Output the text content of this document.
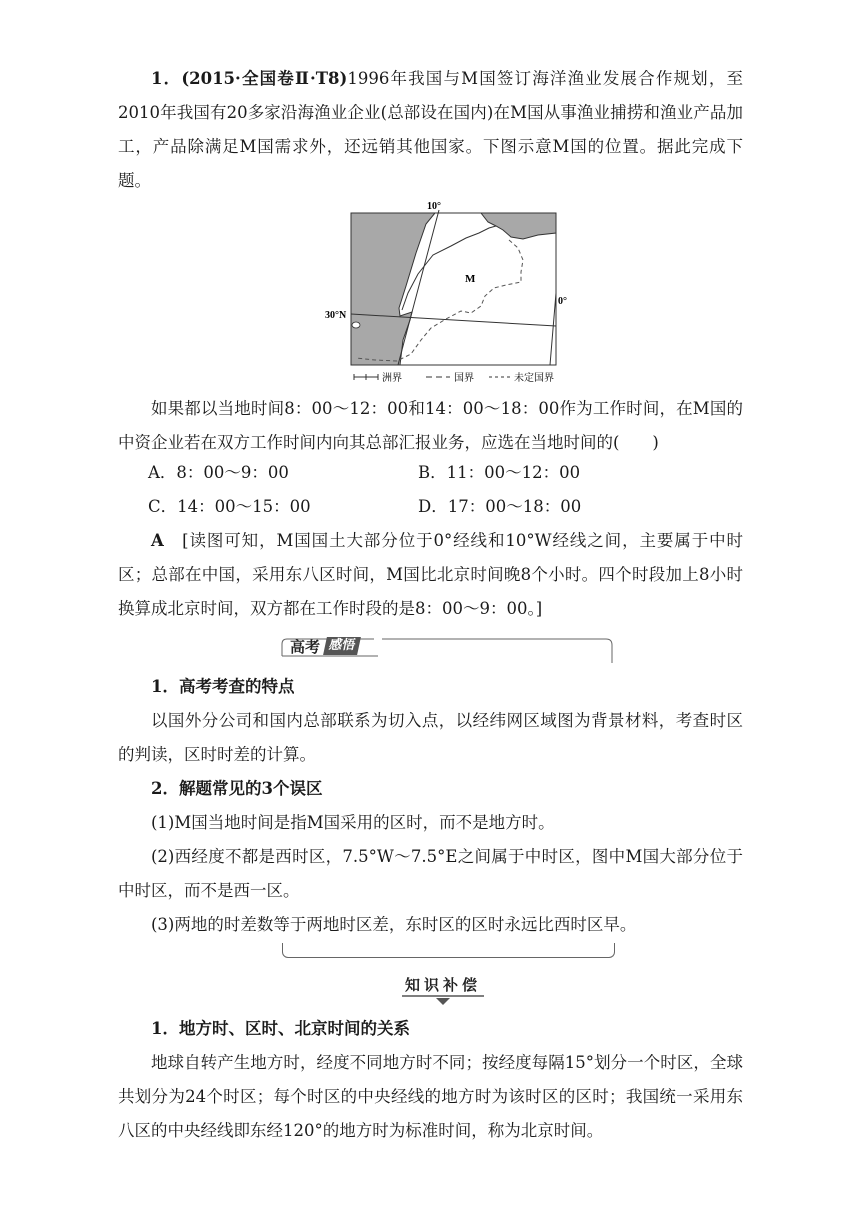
1．(2015·全国卷Ⅱ·T8)1996年我国与M国签订海洋渔业发展合作规划，至2010年我国有20多家沿海渔业企业(总部设在国内)在M国从事渔业捕捞和渔业产品加工，产品除满足M国需求外，还远销其他国家。下图示意M国的位置。据此完成下题。

10°
30°N
0°
M
洲界	国界	未定国界

如果都以当地时间8：00～12：00和14：00～18：00作为工作时间，在M国的中资企业若在双方工作时间内向其总部汇报业务，应选在当地时间的(　　)

A．8：00～9：00	B．11：00～12：00
C．14：00～15：00	D．17：00～18：00

A　 [读图可知，M国国土大部分位于0°经线和10°W经线之间，主要属于中时区；总部在中国，采用东八区时间，M国比北京时间晚8个小时。四个时段加上8小时换算成北京时间，双方都在工作时段的是8：00～9：00。]

高考 感悟

1．高考考查的特点

以国外分公司和国内总部联系为切入点，以经纬网区域图为背景材料，考查时区的判读，区时时差的计算。

2．解题常见的3个误区

(1)M国当地时间是指M国采用的区时，而不是地方时。

(2)西经度不都是西时区，7.5°W～7.5°E之间属于中时区，图中M国大部分位于中时区，而不是西一区。

(3)两地的时差数等于两地时区差，东时区的区时永远比西时区早。

知识补偿

1．地方时、区时、北京时间的关系

地球自转产生地方时，经度不同地方时不同；按经度每隔15°划分一个时区，全球共划分为24个时区；每个时区的中央经线的地方时为该时区的区时；我国统一采用东八区的中央经线即东经120°的地方时为标准时间，称为北京时间。
